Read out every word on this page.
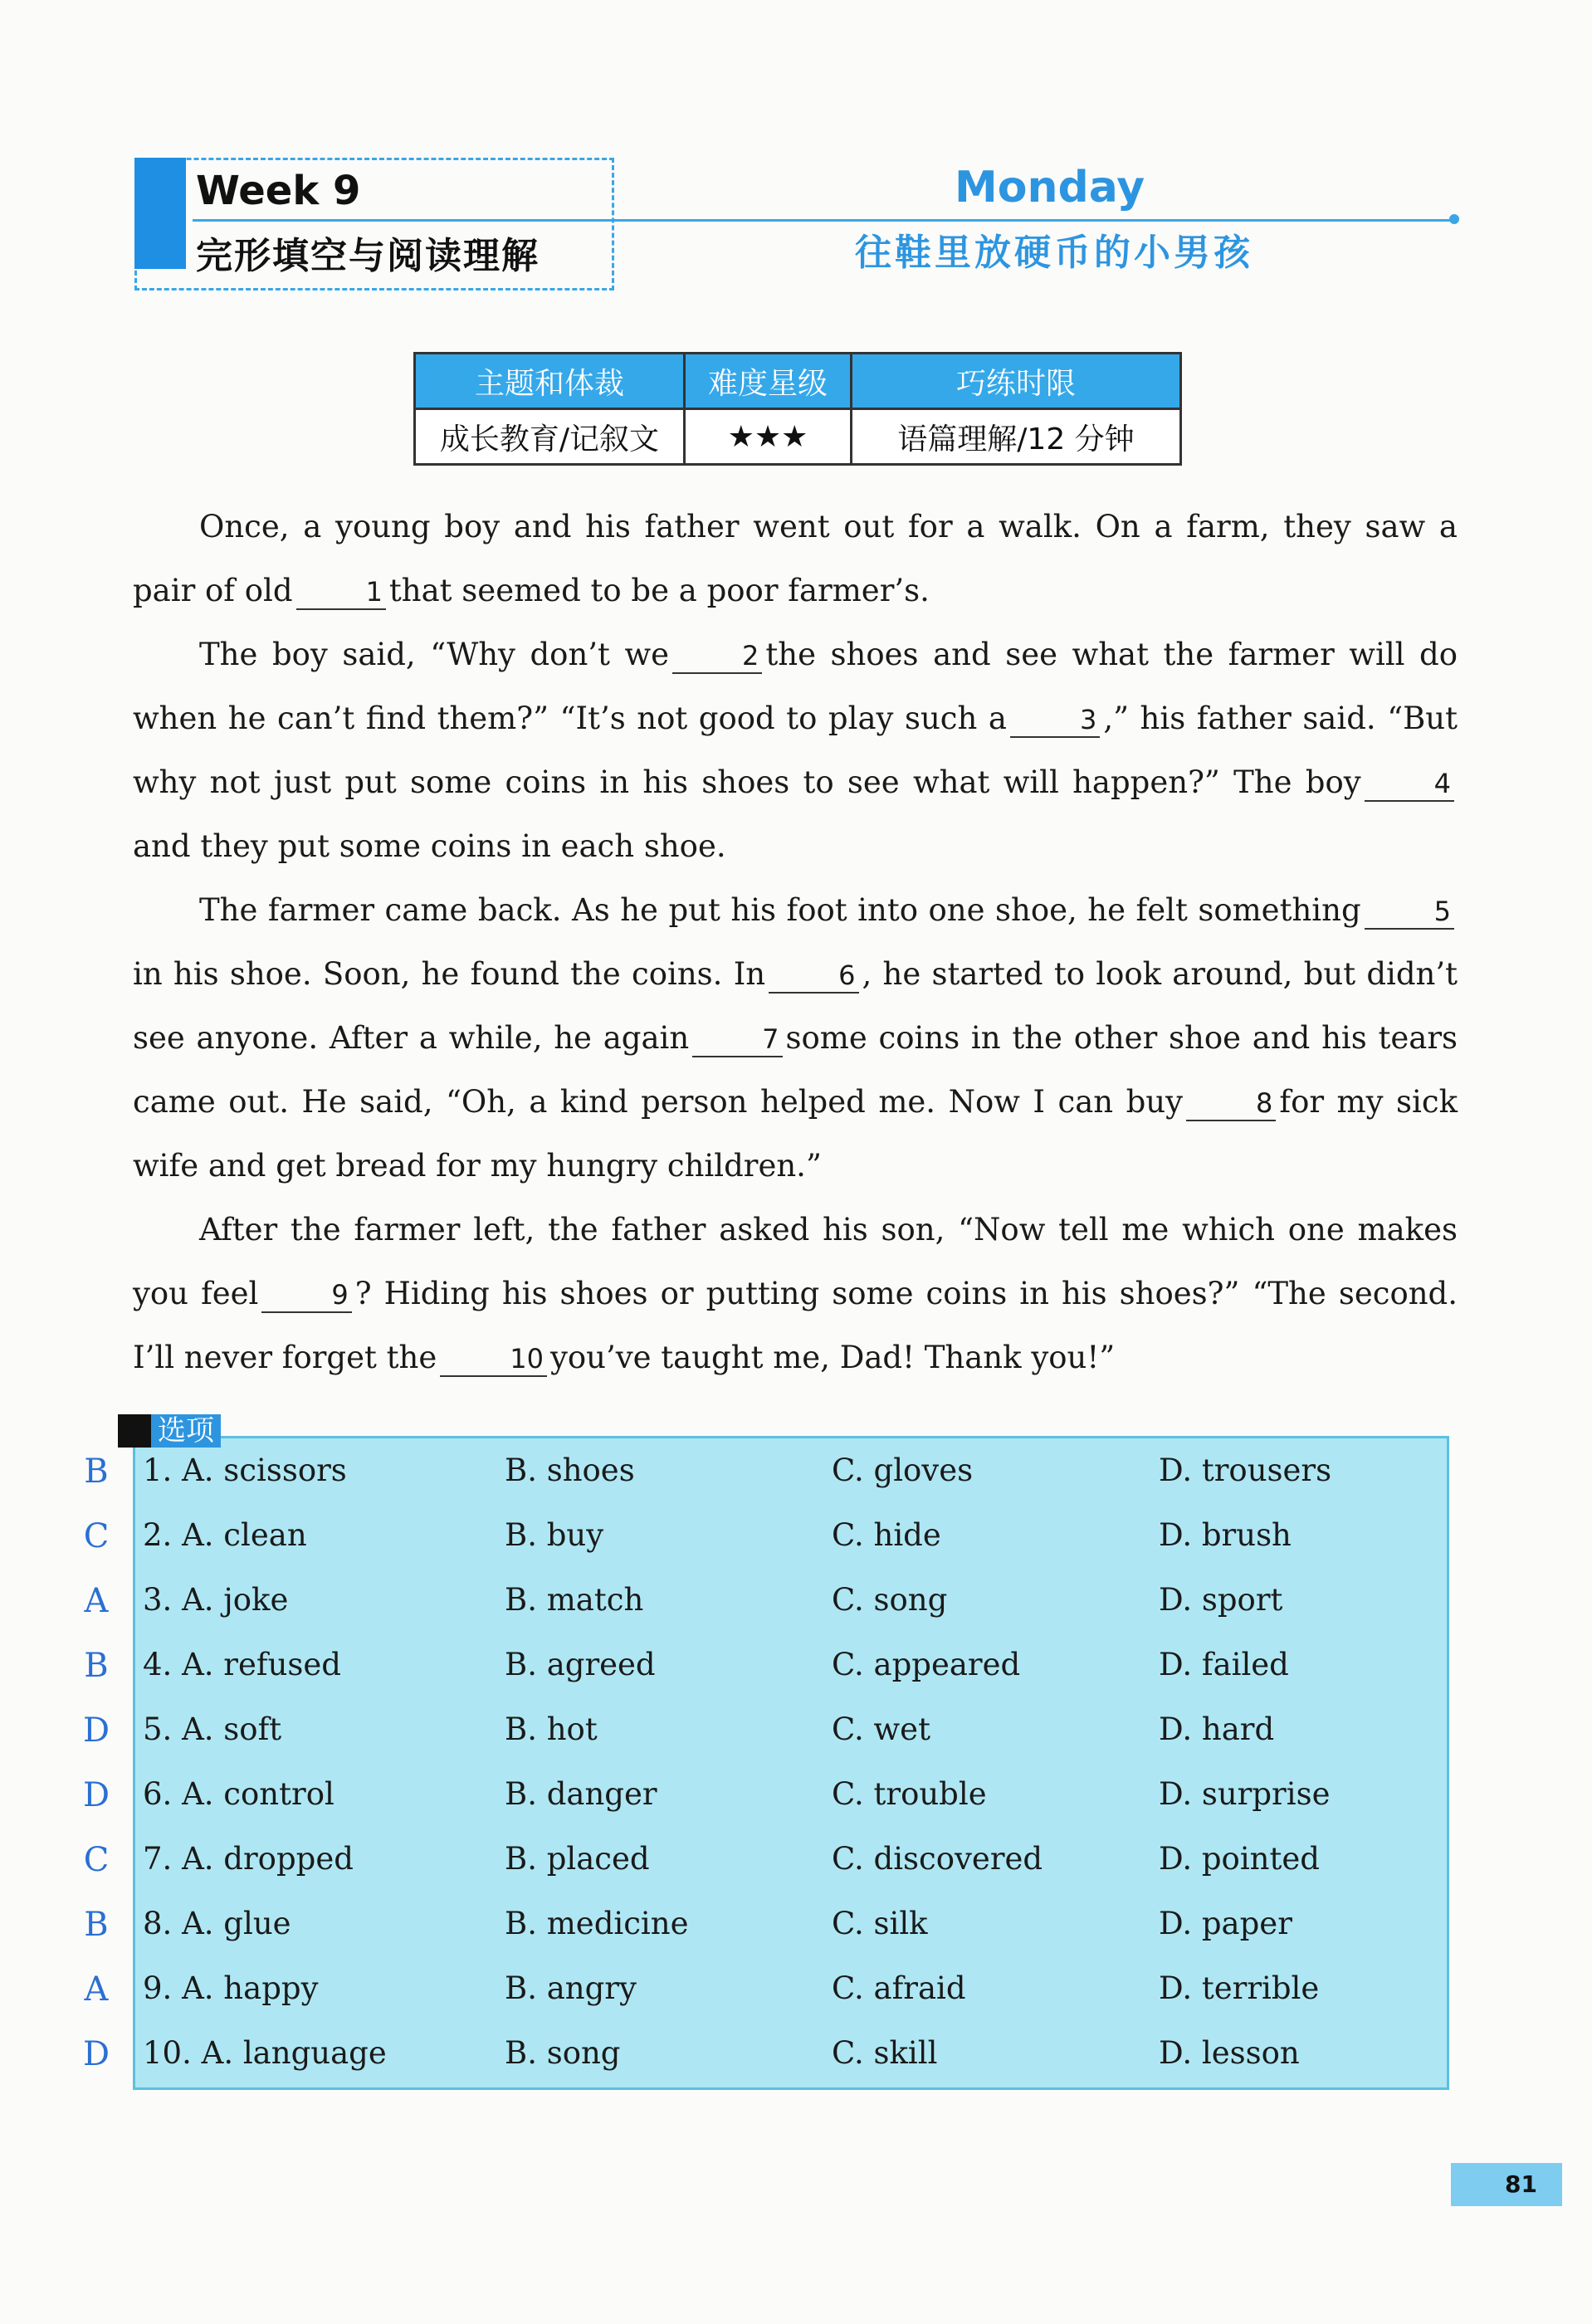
Week 9
完形填空与阅读理解
Monday
往鞋里放硬币的小男孩
主题和体裁	难度星级	巧练时限
成长教育/记叙文	★★★	语篇理解/12 分钟

Once, a young boy and his father went out for a walk. On a farm, they saw a pair of old	1 that seemed to be a poor farmer’s.

The boy said, “Why don’t we	2 the shoes and see what the farmer will do when he can’t find them?” “It’s not good to play such a	3 ,” his father said. “But why not just put some coins in his shoes to see what will happen?” The boy	4and they put some coins in each shoe.

The farmer came back. As he put his foot into one shoe, he felt something	5in his shoe. Soon, he found the coins. In	6 , he started to look around, but didn’t see anyone. After a while, he again	7 some coins in the other shoe and his tears came out. He said, “Oh, a kind person helped me. Now I can buy	8 for my sick wife and get bread for my hungry children.”

After the farmer left, the father asked his son, “Now tell me which one makes you feel	9 ? Hiding his shoes or putting some coins in his shoes?” “The second. I’ll never forget the	10 you’ve taught me, Dad! Thank you!”

选项
B 1. A. scissors	B. shoes	C. gloves	D. trousers
C 2. A. clean	B. buy	C. hide	D. brush
A 3. A. joke	B. match	C. song	D. sport
B 4. A. refused	B. agreed	C. appeared	D. failed
D 5. A. soft	B. hot	C. wet	D. hard
D 6. A. control	B. danger	C. trouble	D. surprise
C 7. A. dropped	B. placed	C. discovered	D. pointed
B 8. A. glue	B. medicine	C. silk	D. paper
A 9. A. happy	B. angry	C. afraid	D. terrible
D 10. A. language	B. song	C. skill	D. lesson
81
